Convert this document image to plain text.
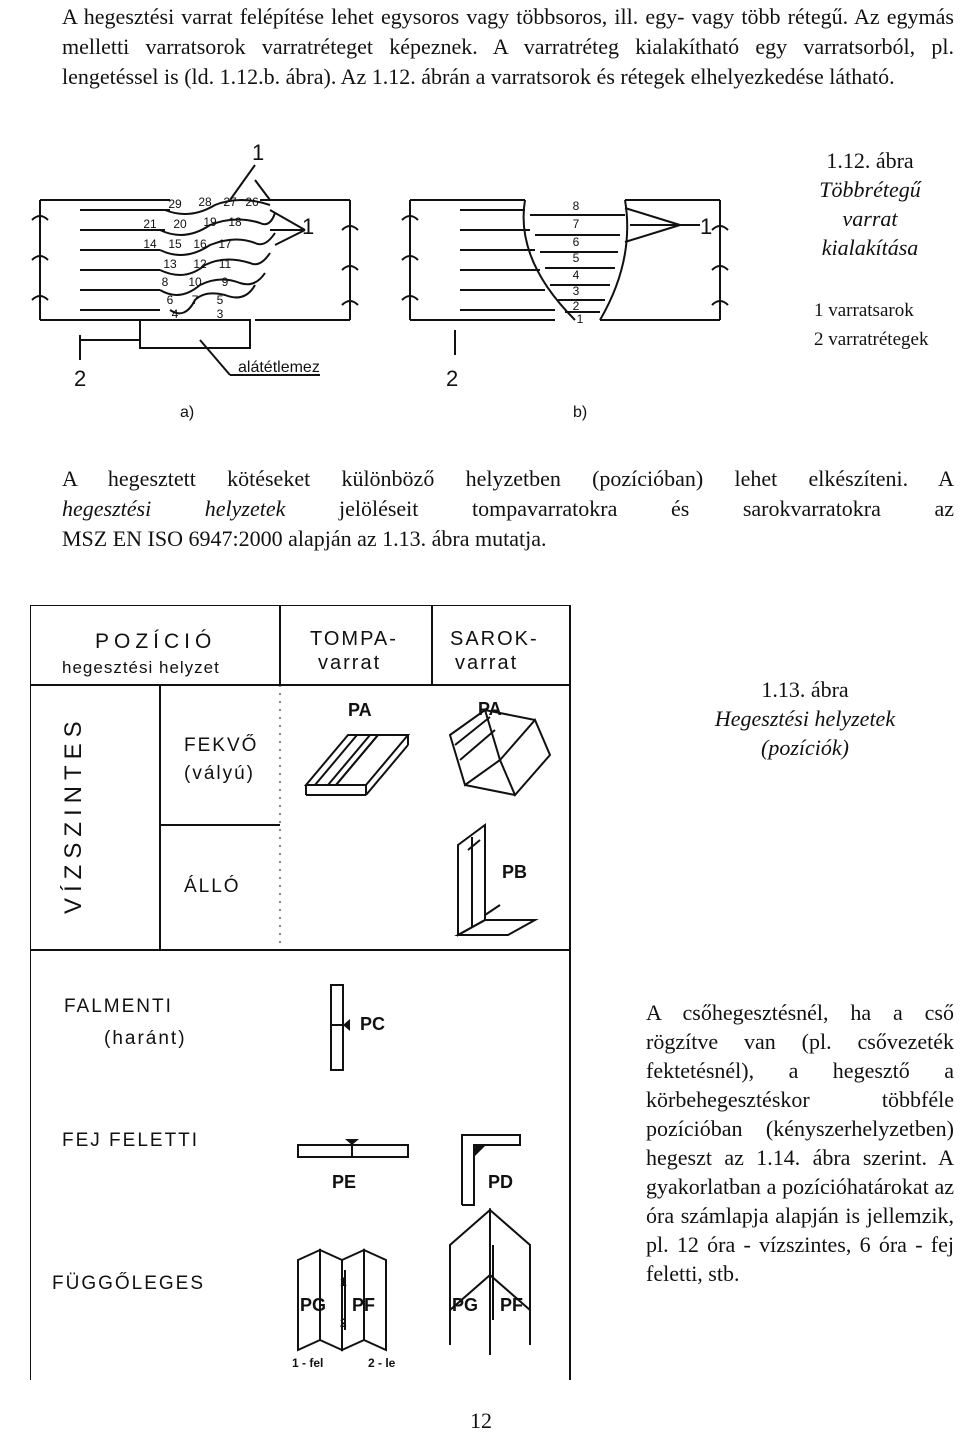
A hegesztési varrat felépítése lehet egysoros vagy többsoros, ill. egy- vagy több rétegű. Az egymás melletti varratsorok varratréteget képeznek. A varratréteg kialakítható egy varratsorból, pl. lengetéssel is (ld. 1.12.b. ábra). Az 1.12. ábrán a varratsorok és rétegek elhelyezkedése látható.
29 28 27 26
21 20 19 18
14 15 16 17
13 12 11
8 10 9
6 7 5
4	3
8
7
6
5
4
3
2
1
1
1	1
2	2
alátétlemez
a)	b)
1.12. ábra
Többrétegű
varrat
kialakítása
1 varratsarok
2 varratrétegek
A hegesztett kötéseket különböző helyzetben (pozícióban) lehet elkészíteni. A
hegesztési helyzetek jelöléseit tompavarratokra és sarokvarratokra az
MSZ EN ISO 6947:2000 alapján az 1.13. ábra mutatja.
POZÍCIÓ
hegesztési helyzet
TOMPA-
varrat
SAROK-
varrat
VÍZSZINTES	FEKVŐ
(vályú)
ÁLLÓ
FALMENTI
(haránt)
FEJ FELETTI
FÜGGŐLEGES
PA	PA
PB
PC
PE	PD
PG PF	PG PF
1
2
1 - fel	2 - le
1.13. ábra
Hegesztési helyzetek
(pozíciók)
A csőhegesztésnél, ha a cső rögzítve van (pl. csővezeték fektetésnél), a hegesztő a körbehegesztéskor többféle pozícióban (kényszerhelyzetben) hegeszt az 1.14. ábra szerint. A gyakorlatban a pozícióhatárokat az óra számlapja alapján is jellemzik, pl. 12 óra - vízszintes, 6 óra - fej feletti, stb.
12
